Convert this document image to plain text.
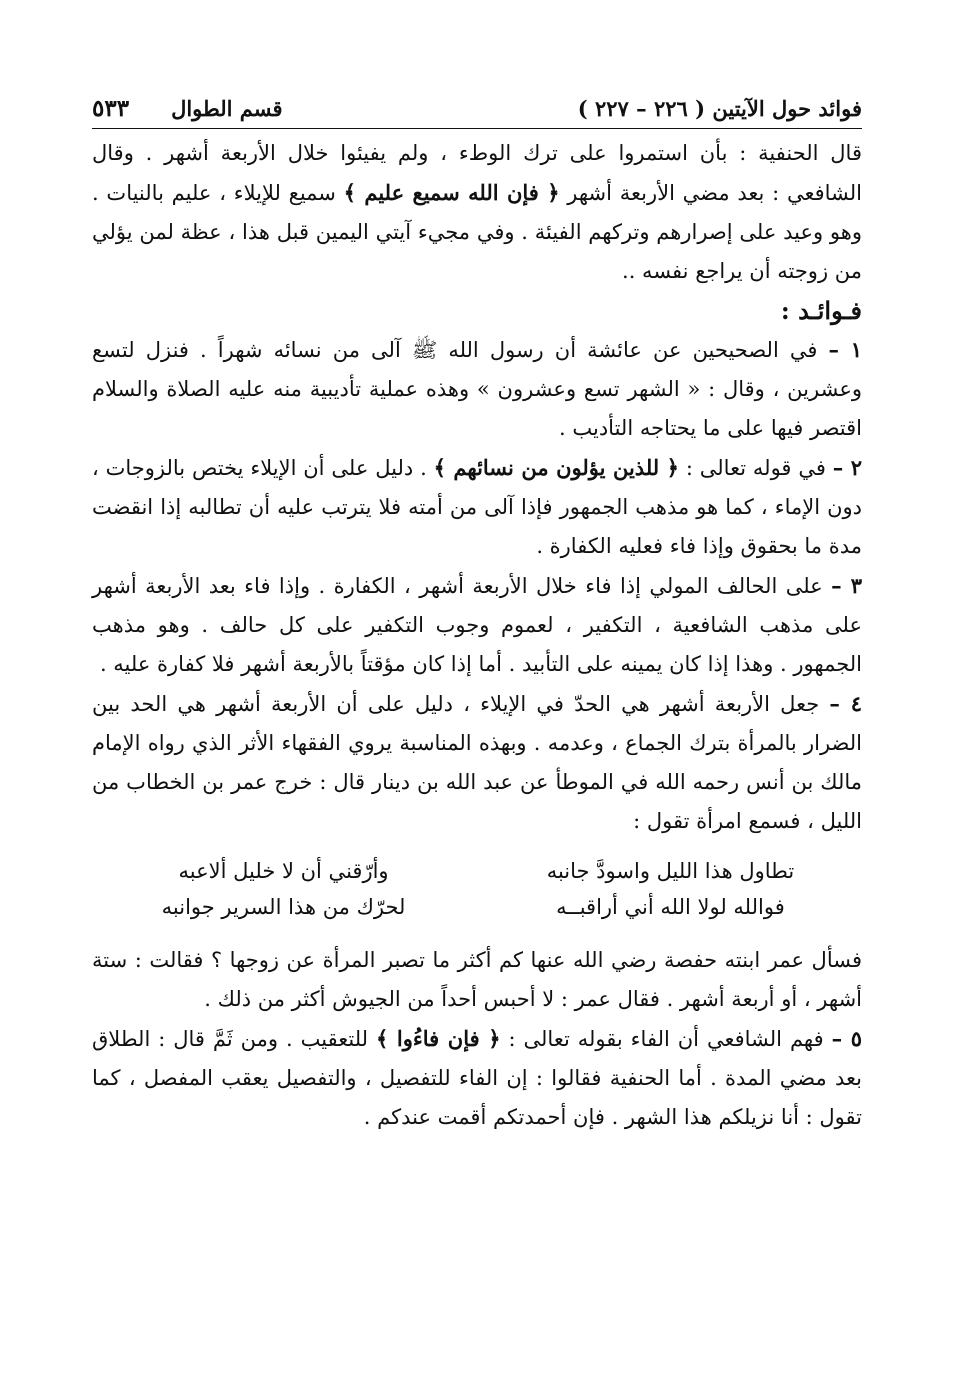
فوائد حول الآيتين ( ٢٢٦ – ٢٢٧ )
قسم الطوال
٥٣٣

قال الحنفية : بأن استمروا على ترك الوطء ، ولم يفيئوا خلال الأربعة أشهر . وقال الشافعي : بعد مضي الأربعة أشهر ﴿ فإن الله سميع عليم ﴾ سميع للإيلاء ، عليم بالنيات . وهو وعيد على إصرارهم وتركهم الفيئة . وفي مجيء آيتي اليمين قبل هذا ، عظة لمن يؤلي من زوجته أن يراجع نفسه ..

فـوائـد :

١ – في الصحيحين عن عائشة أن رسول الله ﷺ آلى من نسائه شهراً . فنزل لتسع وعشرين ، وقال : « الشهر تسع وعشرون » وهذه عملية تأديبية منه عليه الصلاة والسلام اقتصر فيها على ما يحتاجه التأديب .

٢ – في قوله تعالى : ﴿ للذين يؤلون من نسائهم ﴾ . دليل على أن الإيلاء يختص بالزوجات ، دون الإماء ، كما هو مذهب الجمهور فإذا آلى من أمته فلا يترتب عليه أن تطالبه إذا انقضت مدة ما بحقوق وإذا فاء فعليه الكفارة .

٣ – على الحالف المولي إذا فاء خلال الأربعة أشهر ، الكفارة . وإذا فاء بعد الأربعة أشهر على مذهب الشافعية ، التكفير ، لعموم وجوب التكفير على كل حالف . وهو مذهب الجمهور . وهذا إذا كان يمينه على التأبيد . أما إذا كان مؤقتاً بالأربعة أشهر فلا كفارة عليه .

٤ – جعل الأربعة أشهر هي الحدّ في الإيلاء ، دليل على أن الأربعة أشهر هي الحد بين الضرار بالمرأة بترك الجماع ، وعدمه . وبهذه المناسبة يروي الفقهاء الأثر الذي رواه الإمام مالك بن أنس رحمه الله في الموطأ عن عبد الله بن دينار قال : خرج عمر بن الخطاب من الليل ، فسمع امرأة تقول :

تطاول هذا الليل واسودَّ جانبه
وأرّقني أن لا خليل ألاعبه
فوالله لولا الله أني أراقبــه
لحرّك من هذا السرير جوانبه

فسأل عمر ابنته حفصة رضي الله عنها كم أكثر ما تصبر المرأة عن زوجها ؟ فقالت : ستة أشهر ، أو أربعة أشهر . فقال عمر : لا أحبس أحداً من الجيوش أكثر من ذلك .

٥ – فهم الشافعي أن الفاء بقوله تعالى : ﴿ فإن فاءُوا ﴾ للتعقيب . ومن ثَمَّ قال : الطلاق بعد مضي المدة . أما الحنفية فقالوا : إن الفاء للتفصيل ، والتفصيل يعقب المفصل ، كما تقول : أنا نزيلكم هذا الشهر . فإن أحمدتكم أقمت عندكم .
